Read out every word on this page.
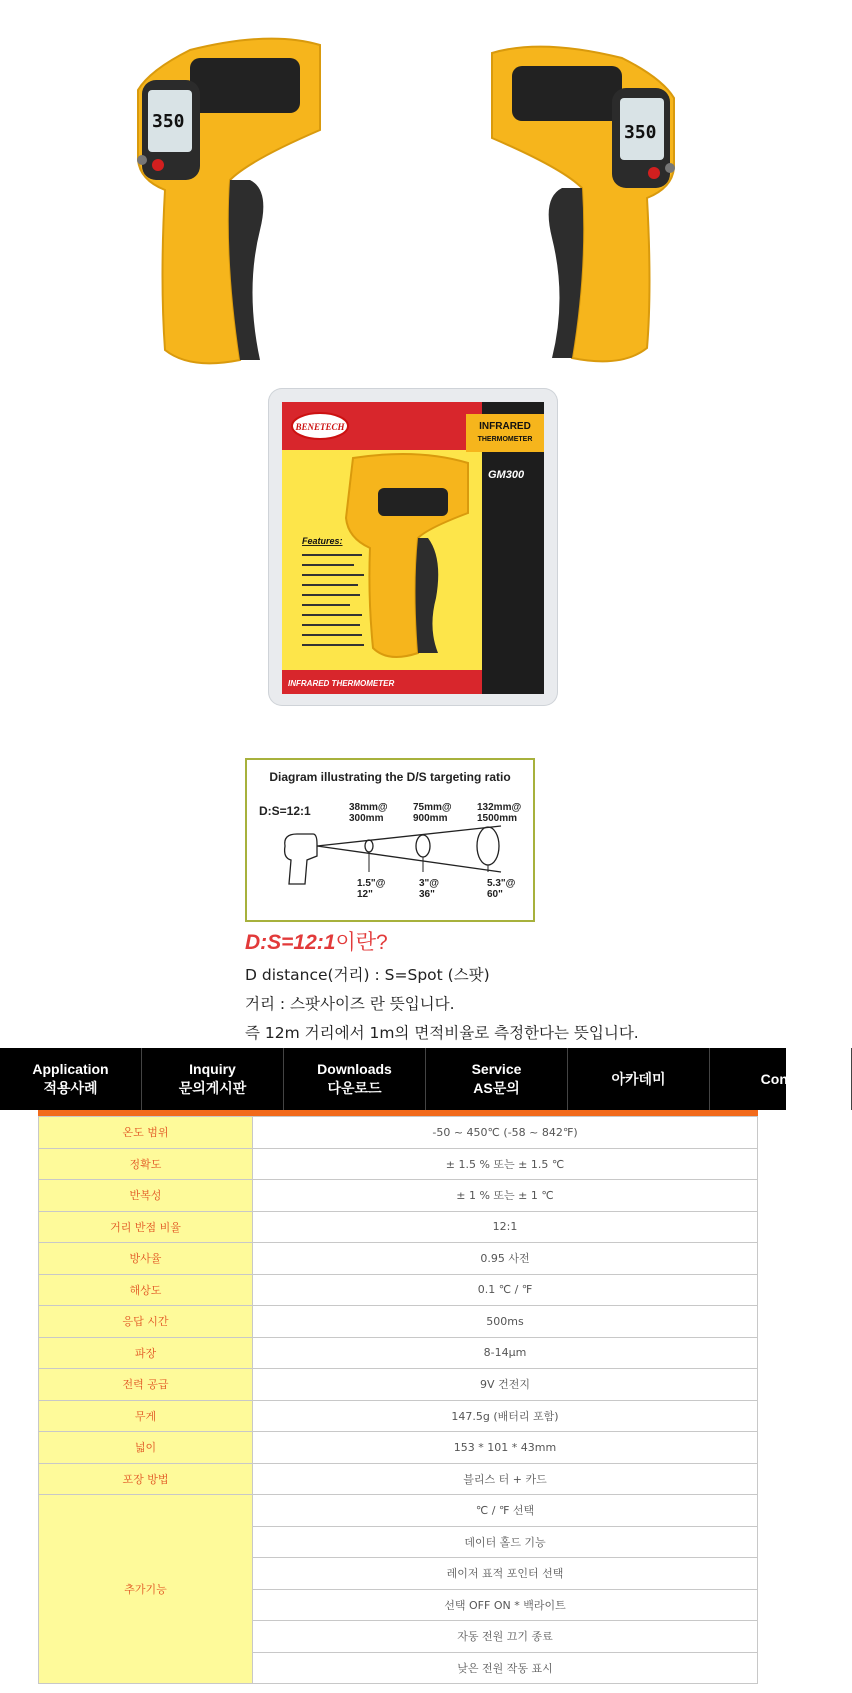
350
350
BENETECH	INFRARED
THERMOMETER
GM300
Features:
INFRARED THERMOMETER
Diagram illustrating the D/S targeting ratio
D:S=12:1	38mm@
300mm
75mm@
900mm
132mm@
1500mm
1.5"@
12"
3"@
36"
5.3"@
60"
D:S=12:1이란?
D distance(거리) : S=Spot (스팟)
거리 : 스팟사이즈 란 뜻입니다.
즉 12m 거리에서 1m의 면적비율로 측정한다는 뜻입니다.
Application
적용사례
Inquiry
문의게시판
Downloads
다운로드
Service
AS문의
아카데미	Conta
온도 범위	-50 ~ 450℃ (-58 ~ 842℉)
정확도	± 1.5 % 또는 ± 1.5 ℃
반복성	± 1 % 또는 ± 1 ℃
거리 반점 비율	12:1
방사율	0.95 사전
해상도	0.1 ℃ / ℉
응답 시간	500ms
파장	8-14μm
전력 공급	9V 건전지
무게	147.5g (배터리 포함)
넓이	153 * 101 * 43mm
포장 방법	블리스 터 + 카드
추가기능	℃ / ℉ 선택
	데이터 홀드 기능
	레이저 표적 포인터 선택
	선택 OFF ON * 백라이트
	자동 전원 끄기 종료
	낮은 전원 작동 표시
